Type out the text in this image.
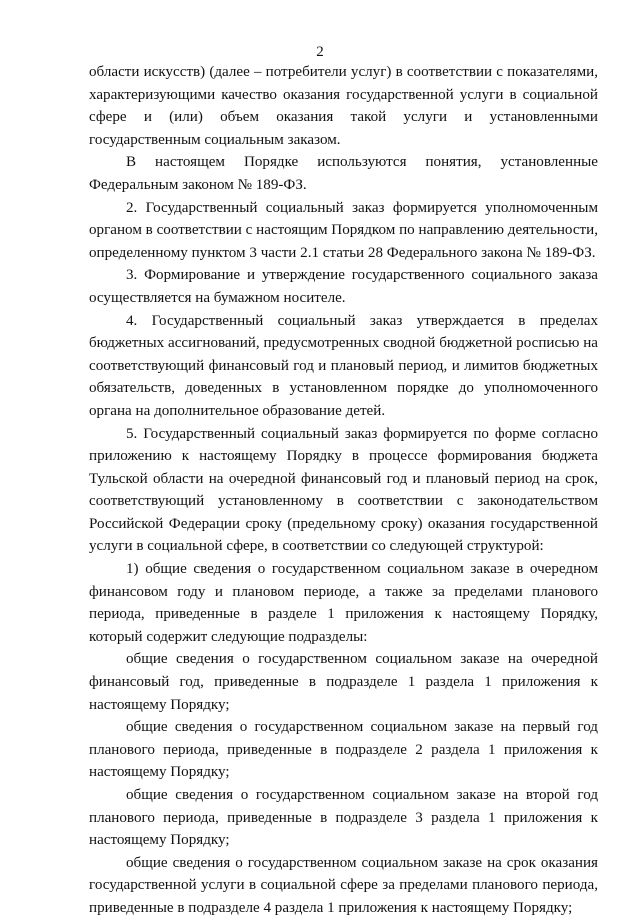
2

области искусств) (далее – потребители услуг) в соответствии с показателями, характеризующими качество оказания государственной услуги в социальной сфере и (или) объем оказания такой услуги и установленными государственным социальным заказом.

В настоящем Порядке используются понятия, установленные Федеральным законом № 189-ФЗ.

2. Государственный социальный заказ формируется уполномоченным органом в соответствии с настоящим Порядком по направлению деятельности, определенному пунктом 3 части 2.1 статьи 28 Федерального закона № 189-ФЗ.

3. Формирование и утверждение государственного социального заказа осуществляется на бумажном носителе.

4. Государственный социальный заказ утверждается в пределах бюджетных ассигнований, предусмотренных сводной бюджетной росписью на соответствующий финансовый год и плановый период, и лимитов бюджетных обязательств, доведенных в установленном порядке до уполномоченного органа на дополнительное образование детей.

5. Государственный социальный заказ формируется по форме согласно приложению к настоящему Порядку в процессе формирования бюджета Тульской области на очередной финансовый год и плановый период на срок, соответствующий установленному в соответствии с законодательством Российской Федерации сроку (предельному сроку) оказания государственной услуги в социальной сфере, в соответствии со следующей структурой:

1) общие сведения о государственном социальном заказе в очередном финансовом году и плановом периоде, а также за пределами планового периода, приведенные в разделе 1 приложения к настоящему Порядку, который содержит следующие подразделы:

общие сведения о государственном социальном заказе на очередной финансовый год, приведенные в подразделе 1 раздела 1 приложения к настоящему Порядку;

общие сведения о государственном социальном заказе на первый год планового периода, приведенные в подразделе 2 раздела 1 приложения к настоящему Порядку;

общие сведения о государственном социальном заказе на второй год планового периода, приведенные в подразделе 3 раздела 1 приложения к настоящему Порядку;

общие сведения о государственном социальном заказе на срок оказания государственной услуги в социальной сфере за пределами планового периода, приведенные в подразделе 4 раздела 1 приложения к настоящему Порядку;
